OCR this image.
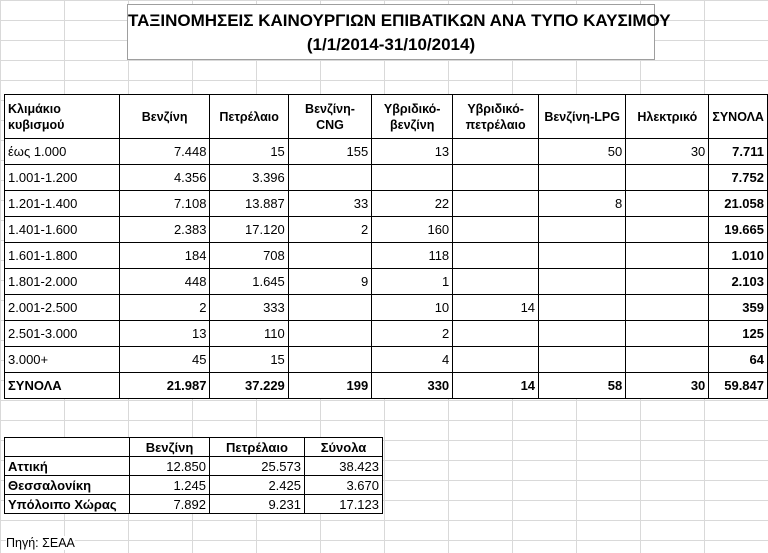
ΤΑΞΙΝΟΜΗΣΕΙΣ ΚΑΙΝΟΥΡΓΙΩΝ ΕΠΙΒΑΤΙΚΩΝ ΑΝΑ ΤΥΠΟ ΚΑΥΣΙΜΟΥ
(1/1/2014-31/10/2014)
Κλιμάκιο κυβισμού	Βενζίνη	Πετρέλαιο	Βενζίνη-CNG	Υβριδικό-βενζίνη	Υβριδικό-πετρέλαιο	Βενζίνη-LPG	Ηλεκτρικό	ΣΥΝΟΛΑ
έως 1.000	7.448	15	155	13		50	30	7.711
1.001-1.200	4.356	3.396						7.752
1.201-1.400	7.108	13.887	33	22		8		21.058
1.401-1.600	2.383	17.120	2	160				19.665
1.601-1.800	184	708		118				1.010
1.801-2.000	448	1.645	9	1				2.103
2.001-2.500	2	333		10	14			359
2.501-3.000	13	110		2				125
3.000+	45	15		4				64
ΣΥΝΟΛΑ	21.987	37.229	199	330	14	58	30	59.847
	Βενζίνη	Πετρέλαιο	Σύνολα
Αττική	12.850	25.573	38.423
Θεσσαλονίκη	1.245	2.425	3.670
Υπόλοιπο Χώρας	7.892	9.231	17.123
Πηγή: ΣΕΑΑ
